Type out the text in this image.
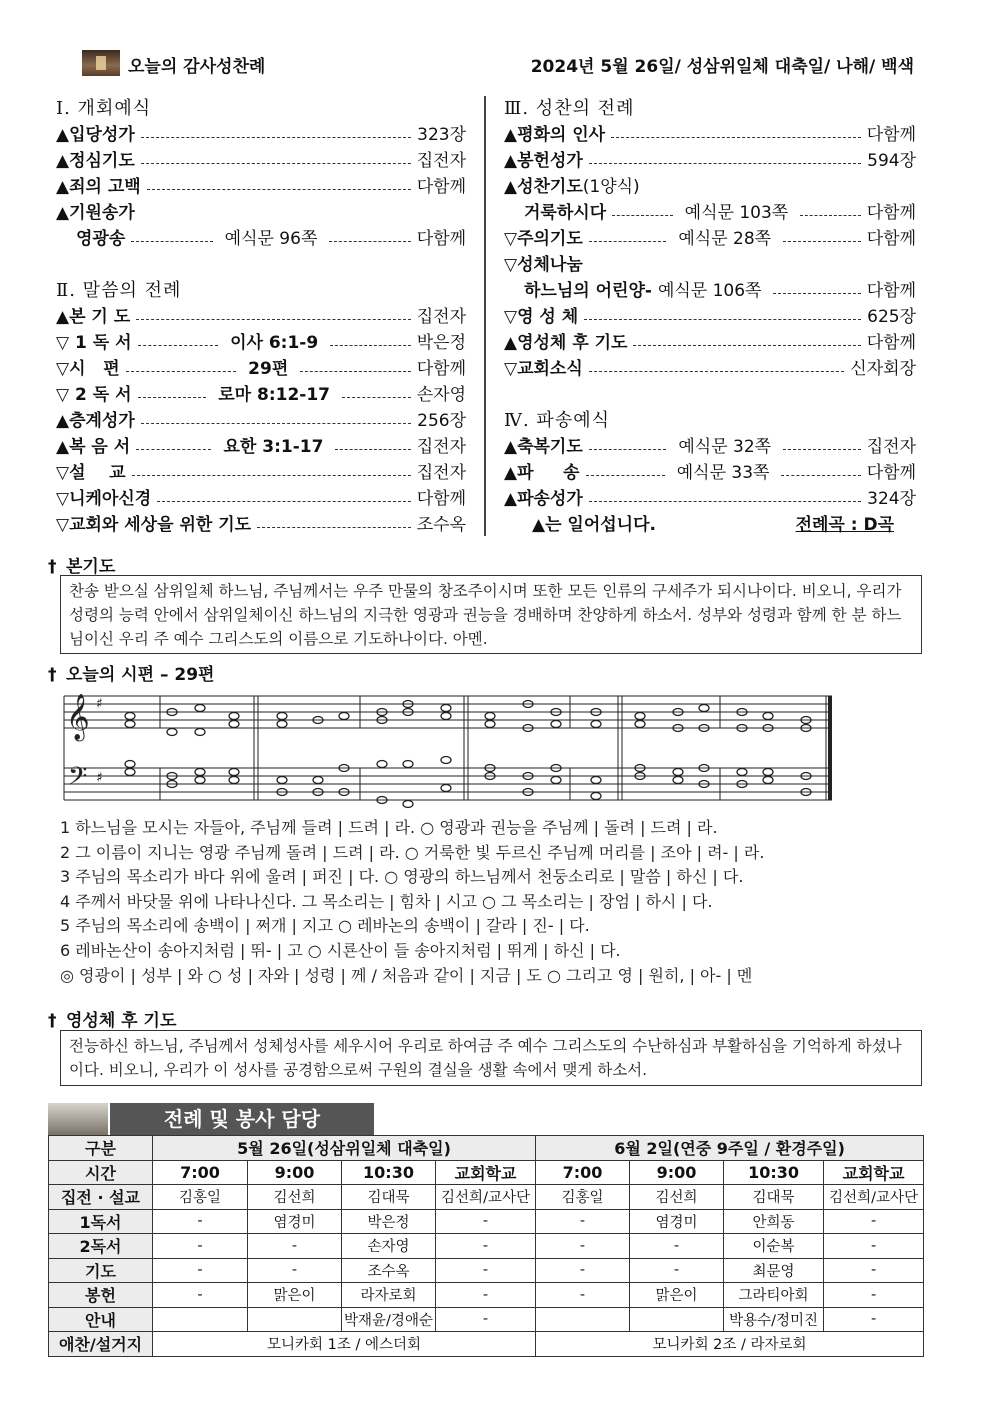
오늘의 감사성찬례	2024년 5월 26일/ 성삼위일체 대축일/ 나해/ 백색
Ⅰ. 개회예식
▲입당성가	323장
▲정심기도	집전자
▲죄의 고백	다함께
▲기원송가
영광송	예식문 96쪽	다함께
Ⅱ. 말씀의 전례
▲본 기 도	집전자
▽ 1 독 서	이사 6:1-9	박은정
▽시   편	29편	다함께
▽ 2 독 서	로마 8:12-17	손자영
▲층계성가	256장
▲복 음 서	요한 3:1-17	집전자
▽설    교	집전자
▽니케아신경	다함께
▽교회와 세상을 위한 기도	조수옥
Ⅲ. 성찬의 전례
▲평화의 인사	다함께
▲봉헌성가	594장
▲성찬기도 (1양식)
거룩하시다	예식문 103쪽	다함께
▽주의기도	예식문 28쪽	다함께
▽성체나눔
하느님의 어린양- 예식문 106쪽	다함께
▽영 성 체	625장
▲영성체 후 기도	다함께
▽교회소식	신자회장
Ⅳ. 파송예식
▲축복기도	예식문 32쪽	집전자
▲파     송	예식문 33쪽	다함께
▲파송성가	324장
▲는 일어섭니다.	전례곡 : D곡
† 본기도
찬송 받으실 삼위일체 하느님, 주님께서는 우주 만물의 창조주이시며 또한 모든 인류의 구세주가 되시나이다. 비오니, 우리가 성령의 능력 안에서 삼위일체이신 하느님의 지극한 영광과 권능을 경배하며 찬양하게 하소서. 성부와 성령과 함께 한 분 하느님이신 우리 주 예수 그리스도의 이름으로 기도하나이다. 아멘.
† 오늘의 시편 – 29편
𝄞
𝄢
♯
♯
1 하느님을 모시는 자들아, 주님께 들려 | 드려 | 라. ○ 영광과 권능을 주님께 | 돌려 | 드려 | 라.
2 그 이름이 지니는 영광 주님께 돌려 | 드려 | 라. ○ 거룩한 빛 두르신 주님께 머리를 | 조아 | 려- | 라.
3 주님의 목소리가 바다 위에 울려 | 퍼진 | 다. ○ 영광의 하느님께서 천둥소리로 | 말씀 | 하신 | 다.
4 주께서 바닷물 위에 나타나신다. 그 목소리는 | 힘차 | 시고 ○ 그 목소리는 | 장엄 | 하시 | 다.
5 주님의 목소리에 송백이 | 쩌개 | 지고 ○ 레바논의 송백이 | 갈라 | 진- | 다.
6 레바논산이 송아지처럼 | 뛰- | 고 ○ 시룐산이 들 송아지처럼 | 뛰게 | 하신 | 다.
◎ 영광이 | 성부 | 와 ○ 성 | 자와 | 성령 | 께 / 처음과 같이 | 지금 | 도 ○ 그리고 영 | 원히, | 아- | 멘
† 영성체 후 기도
전능하신 하느님, 주님께서 성체성사를 세우시어 우리로 하여금 주 예수 그리스도의 수난하심과 부활하심을 기억하게 하셨나이다. 비오니, 우리가 이 성사를 공경함으로써 구원의 결실을 생활 속에서 맺게 하소서.
전례 및 봉사 담당
구분	5월 26일(성삼위일체 대축일)				6월 2일(연중 9주일 / 환경주일)			
시간	7:00	9:00	10:30	교회학교	7:00	9:00	10:30	교회학교
집전 · 설교	김홍일	김선희	김대묵	김선희/교사단	김홍일	김선희	김대묵	김선희/교사단
1독서	-	염경미	박은정	-	-	염경미	안희동	-
2독서	-	-	손자영	-	-	-	이순복	-
기도	-	-	조수옥	-	-	-	최문영	-
봉헌	-	맑은이	라자로회	-	-	맑은이	그라티아회	-
안내			박재윤/경애순	-			박용수/정미진	-
애찬/설거지	모니카회 1조 / 에스더회				모니카회 2조 / 라자로회			
